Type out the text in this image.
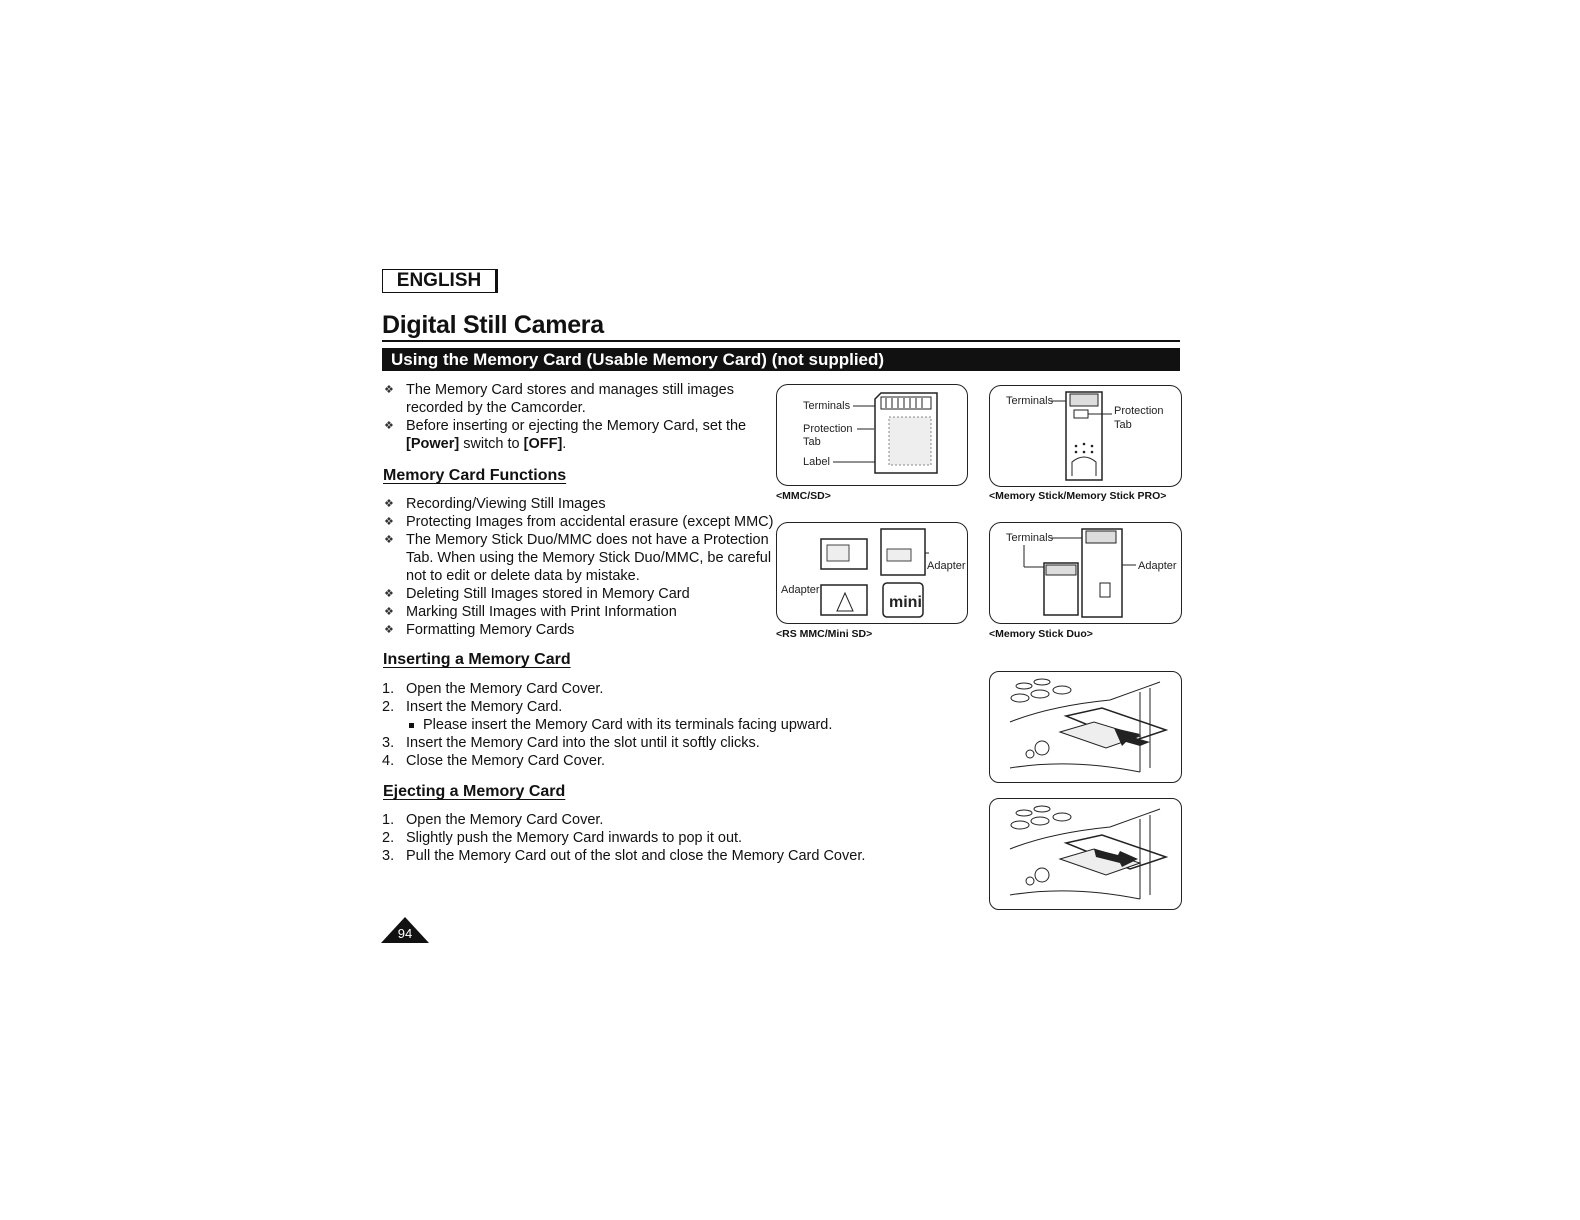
ENGLISH
Digital Still Camera
Using the Memory Card (Usable Memory Card) (not supplied)
❖ The Memory Card stores and manages still images
recorded by the Camcorder.
❖ Before inserting or ejecting the Memory Card, set the
[Power] switch to [OFF].
Memory Card Functions
❖ Recording/Viewing Still Images
❖ Protecting Images from accidental erasure (except MMC)
❖ The Memory Stick Duo/MMC does not have a Protection
Tab. When using the Memory Stick Duo/MMC, be careful
not to edit or delete data by mistake.
❖ Deleting Still Images stored in Memory Card
❖ Marking Still Images with Print Information
❖ Formatting Memory Cards
Inserting a Memory Card
1. Open the Memory Card Cover.
2. Insert the Memory Card.
Please insert the Memory Card with its terminals facing upward.
3. Insert the Memory Card into the slot until it softly clicks.
4. Close the Memory Card Cover.
Ejecting a Memory Card
1. Open the Memory Card Cover.
2. Slightly push the Memory Card inwards to pop it out.
3. Pull the Memory Card out of the slot and close the Memory Card Cover.
Terminals
Protection
Tab
Label
<MMC/SD>
Terminals
Protection
Tab
<Memory Stick/Memory Stick PRO>
Adapter
Adapter
mini
<RS MMC/Mini SD>
Terminals
Adapter
<Memory Stick Duo>
94
